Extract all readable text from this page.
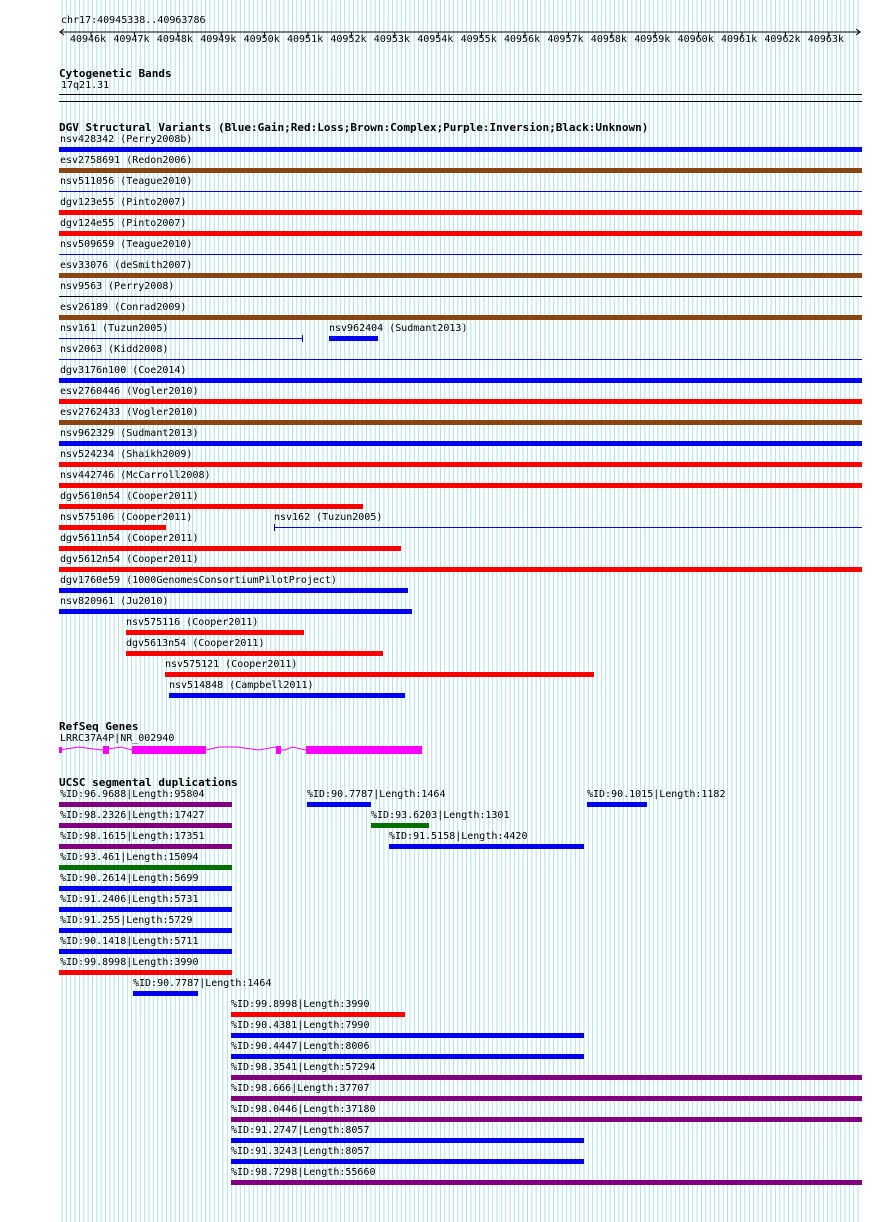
chr17:40945338..40963786
40946k 40947k 40948k 40949k 40950k 40951k 40952k 40953k 40954k 40955k 40956k 40957k 40958k 40959k 40960k 40961k 40962k 40963k
Cytogenetic Bands
17q21.31
DGV Structural Variants (Blue:Gain;Red:Loss;Brown:Complex;Purple:Inversion;Black:Unknown)
nsv428342 (Perry2008b)
esv2758691 (Redon2006)
nsv511056 (Teague2010)
dgv123e55 (Pinto2007)
dgv124e55 (Pinto2007)
nsv509659 (Teague2010)
esv33076 (deSmith2007)
nsv9563 (Perry2008)
esv26189 (Conrad2009)
nsv161 (Tuzun2005)	nsv962404 (Sudmant2013)
nsv2063 (Kidd2008)
dgv3176n100 (Coe2014)
esv2760446 (Vogler2010)
esv2762433 (Vogler2010)
nsv962329 (Sudmant2013)
nsv524234 (Shaikh2009)
nsv442746 (McCarroll2008)
dgv5610n54 (Cooper2011)
nsv575106 (Cooper2011)	nsv162 (Tuzun2005)
dgv5611n54 (Cooper2011)
dgv5612n54 (Cooper2011)
dgv1760e59 (1000GenomesConsortiumPilotProject)
nsv820961 (Ju2010)
nsv575116 (Cooper2011)
dgv5613n54 (Cooper2011)
nsv575121 (Cooper2011)
nsv514848 (Campbell2011)
RefSeq Genes
LRRC37A4P|NR_002940
UCSC segmental duplications
%ID:96.9688|Length:95804	%ID:90.7787|Length:1464	%ID:90.1015|Length:1182
%ID:98.2326|Length:17427	%ID:93.6203|Length:1301
%ID:98.1615|Length:17351	%ID:91.5158|Length:4420
%ID:93.461|Length:15094
%ID:90.2614|Length:5699
%ID:91.2406|Length:5731
%ID:91.255|Length:5729
%ID:90.1418|Length:5711
%ID:99.8998|Length:3990
%ID:90.7787|Length:1464
%ID:99.8998|Length:3990
%ID:90.4381|Length:7990
%ID:90.4447|Length:8006
%ID:98.3541|Length:57294
%ID:98.666|Length:37707
%ID:98.0446|Length:37180
%ID:91.2747|Length:8057
%ID:91.3243|Length:8057
%ID:98.7298|Length:55660
